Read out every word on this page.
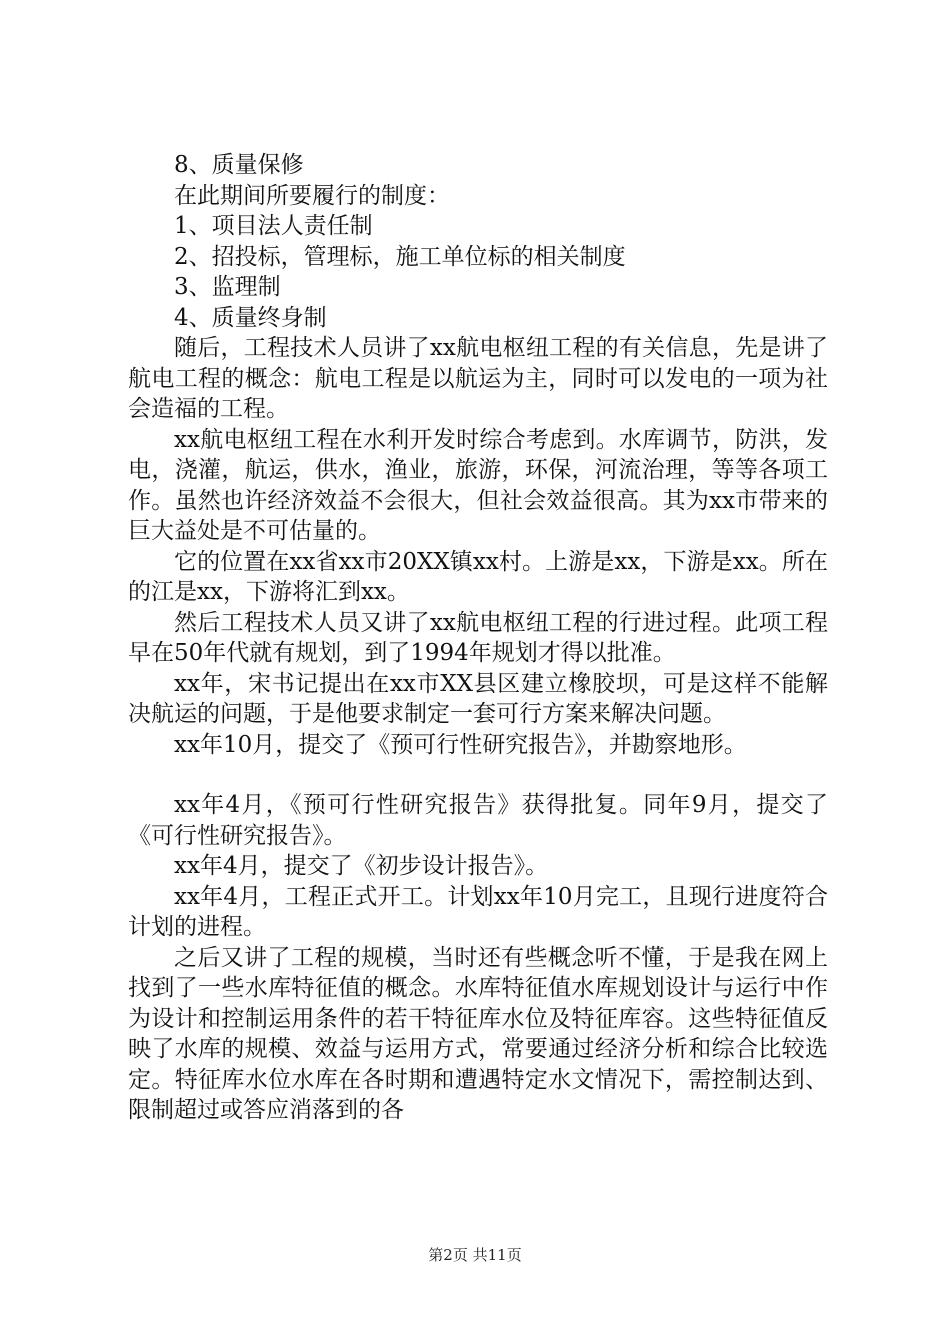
8、质量保修

在此期间所要履行的制度：

1、项目法人责任制

2、招投标，管理标，施工单位标的相关制度

3、监理制

4、质量终身制

随后，工程技术人员讲了xx航电枢纽工程的有关信息，先是讲了航电工程的概念：航电工程是以航运为主，同时可以发电的一项为社会造福的工程。

xx航电枢纽工程在水利开发时综合考虑到。水库调节，防洪，发电，浇灌，航运，供水，渔业，旅游，环保，河流治理，等等各项工作。虽然也许经济效益不会很大，但社会效益很高。其为xx市带来的巨大益处是不可估量的。

它的位置在xx省xx市20XX镇xx村。上游是xx，下游是xx。所在的江是xx，下游将汇到xx。

然后工程技术人员又讲了xx航电枢纽工程的行进过程。此项工程早在50年代就有规划，到了1994年规划才得以批准。

xx年，宋书记提出在xx市XX县区建立橡胶坝，可是这样不能解决航运的问题，于是他要求制定一套可行方案来解决问题。

xx年10月，提交了《预可行性研究报告》，并勘察地形。

xx年4月，《预可行性研究报告》获得批复。同年9月，提交了《可行性研究报告》。

xx年4月，提交了《初步设计报告》。

xx年4月，工程正式开工。计划xx年10月完工，且现行进度符合计划的进程。

之后又讲了工程的规模，当时还有些概念听不懂，于是我在网上找到了一些水库特征值的概念。水库特征值水库规划设计与运行中作为设计和控制运用条件的若干特征库水位及特征库容。这些特征值反映了水库的规模、效益与运用方式，常要通过经济分析和综合比较选定。特征库水位水库在各时期和遭遇特定水文情况下，需控制达到、限制超过或答应消落到的各

第2页 共11页
